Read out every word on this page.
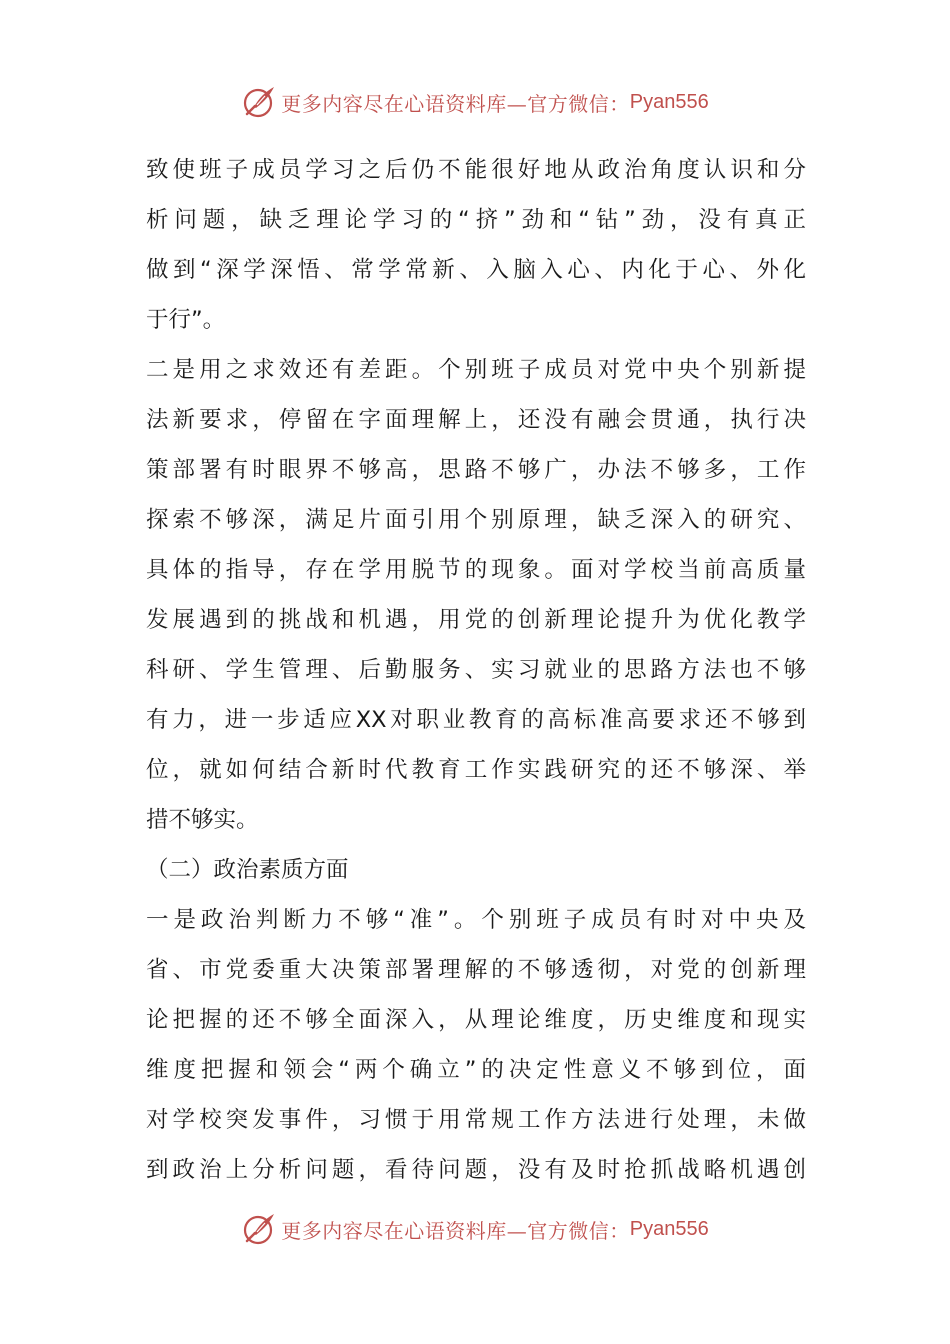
更多内容尽在心语资料库—官方微信： Pyan556
致使班子成员学习之后仍不能很好地从政治角度认识和分
析问题，缺乏理论学习的“挤”劲和“钻”劲，没有真正
做到“深学深悟、常学常新、入脑入心、内化于心、外化
于行”。
二是用之求效还有差距。个别班子成员对党中央个别新提
法新要求，停留在字面理解上，还没有融会贯通，执行决
策部署有时眼界不够高，思路不够广，办法不够多，工作
探索不够深，满足片面引用个别原理，缺乏深入的研究、
具体的指导，存在学用脱节的现象。面对学校当前高质量
发展遇到的挑战和机遇，用党的创新理论提升为优化教学
科研、学生管理、后勤服务、实习就业的思路方法也不够
有力，进一步适应XX对职业教育的高标准高要求还不够到
位，就如何结合新时代教育工作实践研究的还不够深、举
措不够实。
（二）政治素质方面
一是政治判断力不够“准”。个别班子成员有时对中央及
省、市党委重大决策部署理解的不够透彻，对党的创新理
论把握的还不够全面深入，从理论维度，历史维度和现实
维度把握和领会“两个确立”的决定性意义不够到位，面
对学校突发事件，习惯于用常规工作方法进行处理，未做
到政治上分析问题，看待问题，没有及时抢抓战略机遇创
更多内容尽在心语资料库—官方微信： Pyan556
